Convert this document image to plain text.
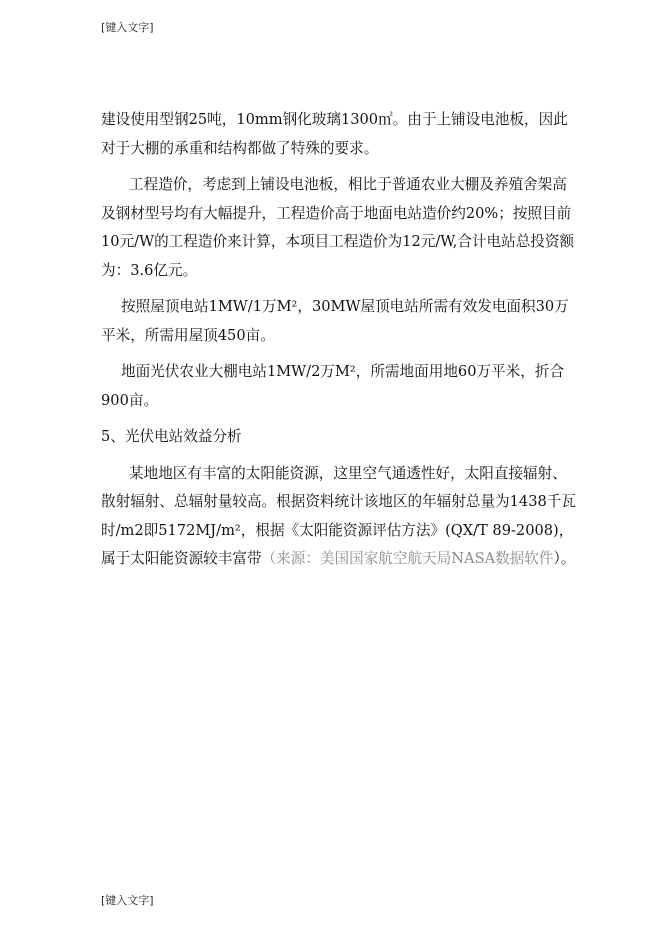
[键入文字]

建设使用型钢25吨，10mm钢化玻璃1300㎡。由于上铺设电池板，因此对于大棚的承重和结构都做了特殊的要求。

工程造价，考虑到上铺设电池板，相比于普通农业大棚及养殖舍架高及钢材型号均有大幅提升，工程造价高于地面电站造价约20%；按照目前10元/W的工程造价来计算，本项目工程造价为12元/W,合计电站总投资额为：3.6亿元。

按照屋顶电站1MW/1万M²，30MW屋顶电站所需有效发电面积30万平米，所需用屋顶450亩。

地面光伏农业大棚电站1MW/2万M²，所需地面用地60万平米，折合900亩。

5、光伏电站效益分析

某地地区有丰富的太阳能资源，这里空气通透性好，太阳直接辐射、散射辐射、总辐射量较高。根据资料统计该地区的年辐射总量为1438千瓦时/m2即5172MJ/m²，根据《太阳能资源评估方法》(QX/T 89-2008)，属于太阳能资源较丰富带（来源：美国国家航空航天局NASA数据软件）。

[键入文字]
